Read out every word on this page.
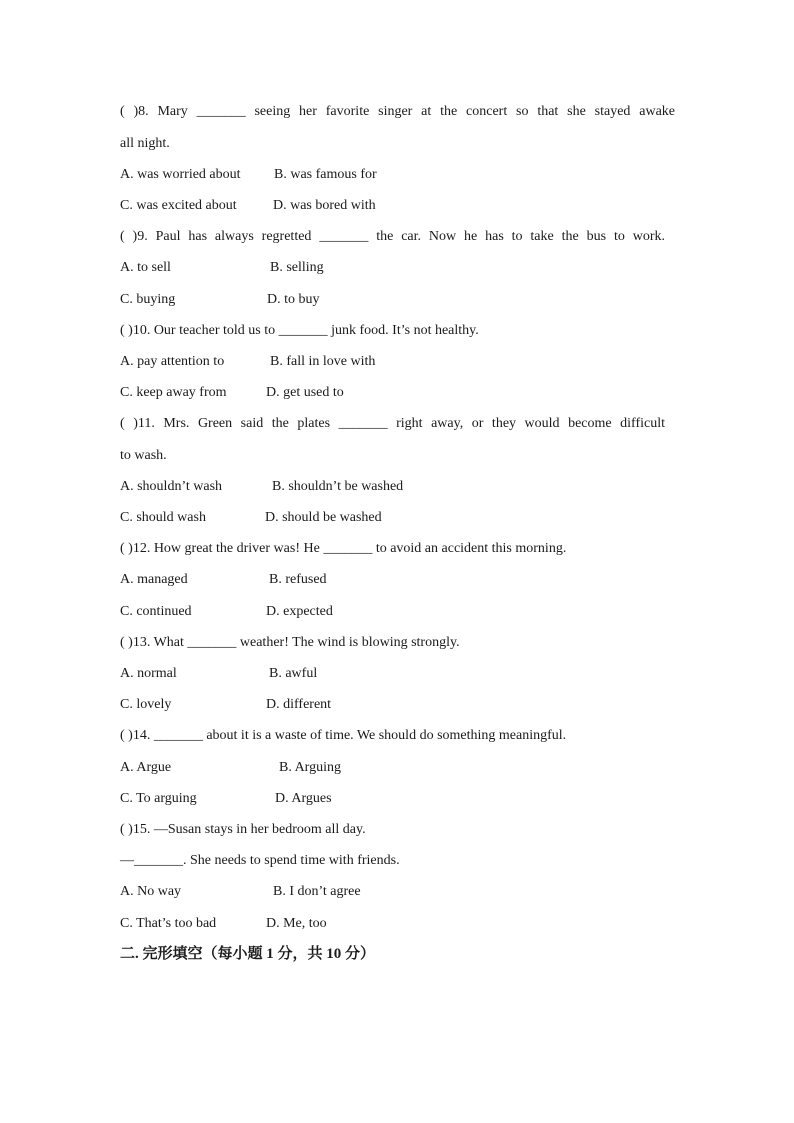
( )8. Mary _______ seeing her favorite singer at the concert so that she stayed awake
all night.
A. was worried about B. was famous for
C. was excited about	D. was bored with
( )9. Paul has always regretted _______ the car. Now he has to take the bus to work.
A. to sell	B. selling
C. buying	D. to buy
( )10. Our teacher told us to _______ junk food. It’s not healthy.
A. pay attention to	B. fall in love with
C. keep away from	D. get used to
( )11. Mrs. Green said the plates _______ right away, or they would become difficult
to wash.
A. shouldn’t wash	B. shouldn’t be washed
C. should wash	D. should be washed
( )12. How great the driver was! He _______ to avoid an accident this morning.
A. managed	B. refused
C. continued	D. expected
( )13. What _______ weather! The wind is blowing strongly.
A. normal	B. awful
C. lovely	D. different
( )14. _______ about it is a waste of time. We should do something meaningful.
A. Argue	B. Arguing
C. To arguing	D. Argues
( )15. —Susan stays in her bedroom all day.
—_______. She needs to spend time with friends.
A. No way	B. I don’t agree
C. That’s too bad	D. Me, too
二. 完形填空（每小题 1 分，共 10 分）
